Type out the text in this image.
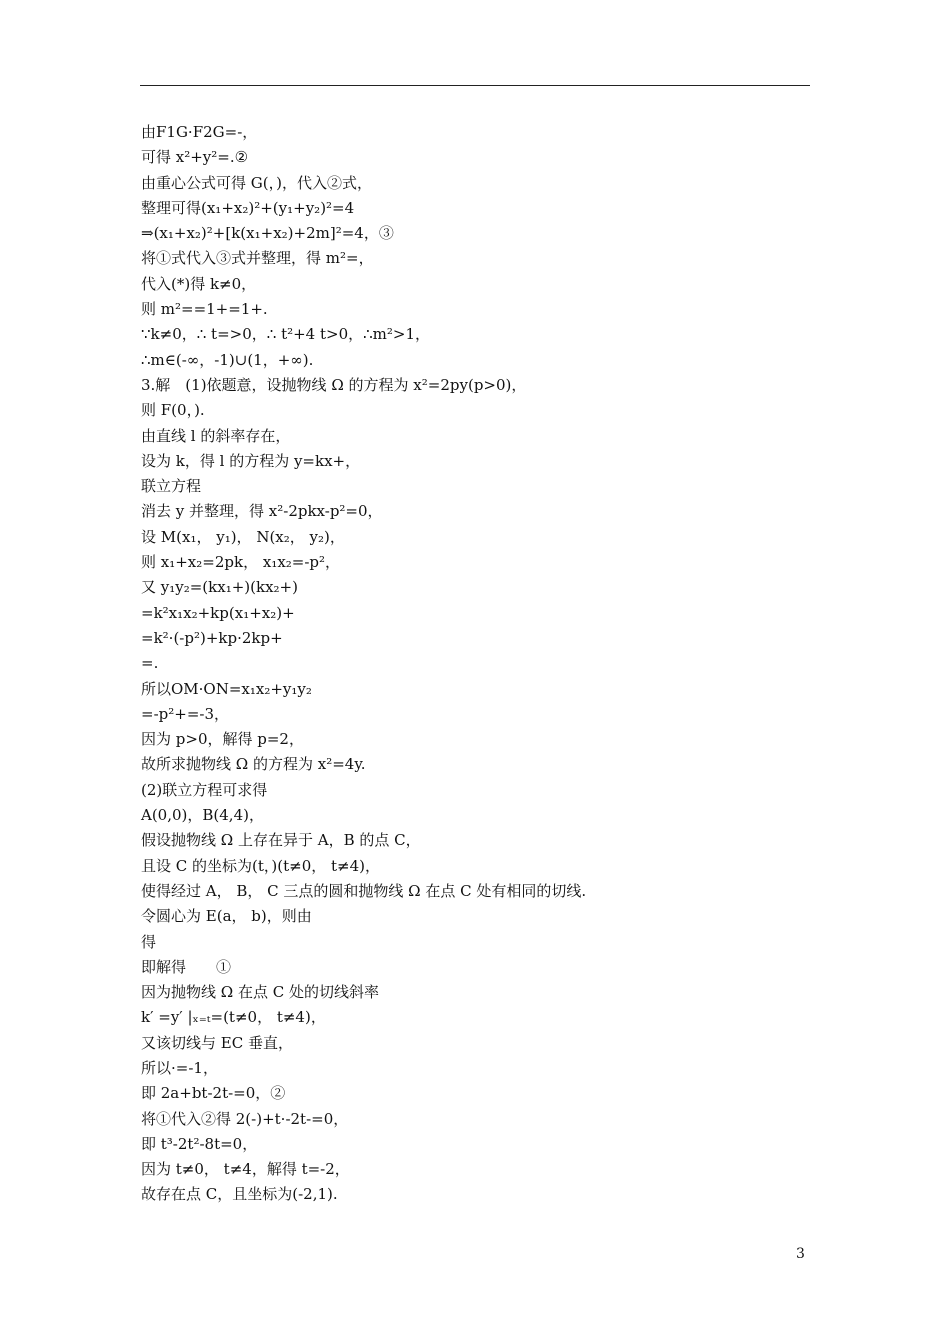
由F1G·F2G=-，
可得 x²+y²=.②
由重心公式可得 G(，)，代入②式，
整理可得(x₁+x₂)²+(y₁+y₂)²=4
⇒(x₁+x₂)²+[k(x₁+x₂)+2m]²=4，③
将①式代入③式并整理，得 m²=，
代入(*)得 k≠0，
则 m²==1+=1+.
∵k≠0，∴ t=>0，∴ t²+4 t>0，∴m²>1，
∴m∈(-∞，-1)∪(1，+∞).
3.解　(1)依题意，设抛物线 Ω 的方程为 x²=2py(p>0)，
则 F(0，).
由直线 l 的斜率存在，
设为 k，得 l 的方程为 y=kx+，
联立方程
消去 y 并整理，得 x²-2pkx-p²=0，
设 M(x₁， y₁)， N(x₂， y₂)，
则 x₁+x₂=2pk， x₁x₂=-p²，
又 y₁y₂=(kx₁+)(kx₂+)
=k²x₁x₂+kp(x₁+x₂)+
=k²·(-p²)+kp·2kp+
=.
所以OM·ON=x₁x₂+y₁y₂
=-p²+=-3，
因为 p>0，解得 p=2，
故所求抛物线 Ω 的方程为 x²=4y.
(2)联立方程可求得
A(0,0)，B(4,4)，
假设抛物线 Ω 上存在异于 A，B 的点 C，
且设 C 的坐标为(t，)(t≠0， t≠4)，
使得经过 A， B， C 三点的圆和抛物线 Ω 在点 C 处有相同的切线.
令圆心为 E(a， b)，则由
得
即解得　　①
因为抛物线 Ω 在点 C 处的切线斜率
k′ =y′ |ₓ₌ₜ=(t≠0， t≠4)，
又该切线与 EC 垂直，
所以·=-1，
即 2a+bt-2t-=0，②
将①代入②得 2(-)+t·-2t-=0，
即 t³-2t²-8t=0，
因为 t≠0， t≠4，解得 t=-2，
故存在点 C，且坐标为(-2,1).
3
